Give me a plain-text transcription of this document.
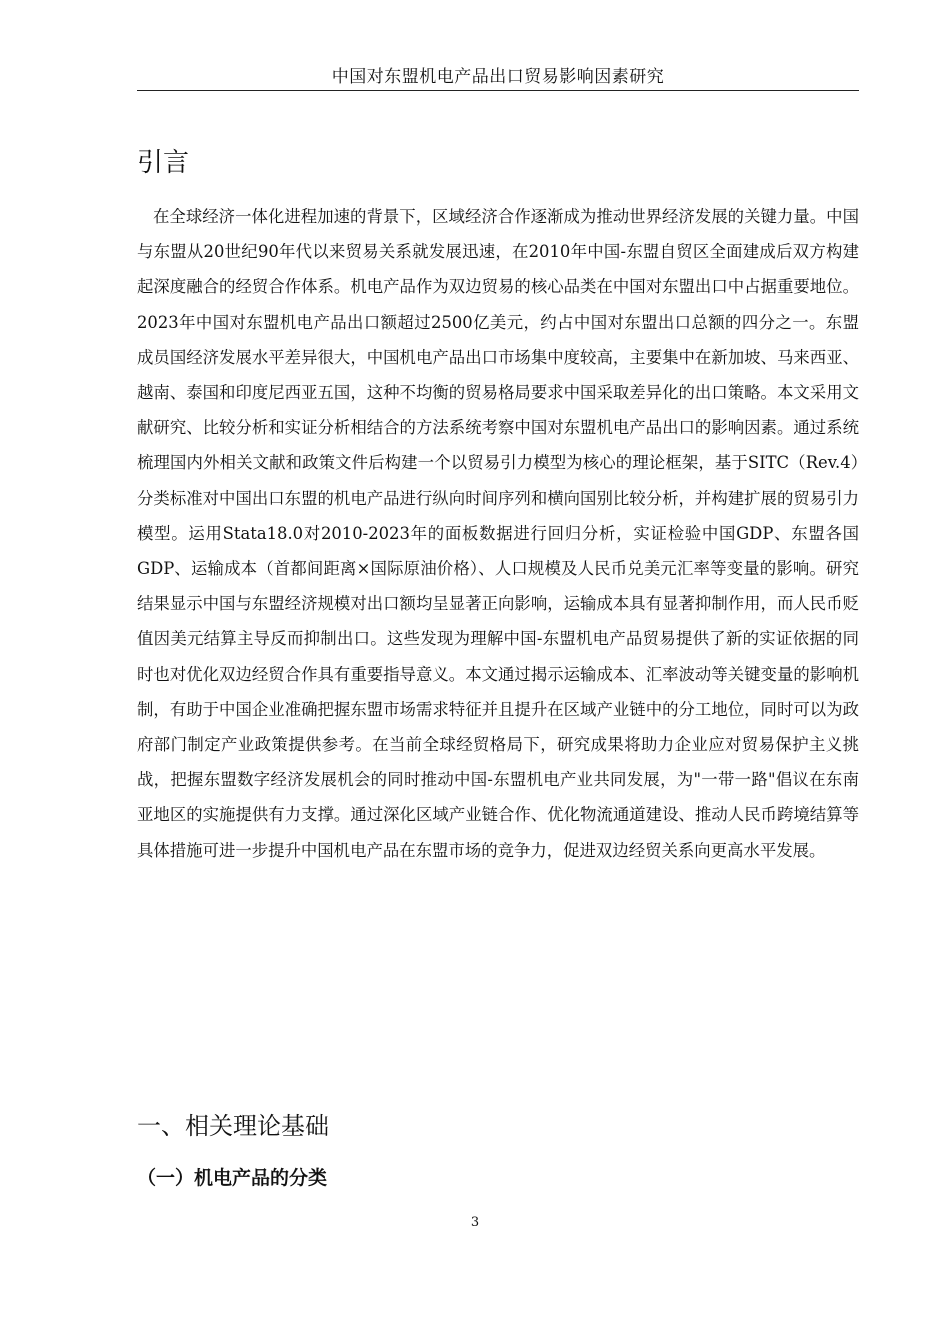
中国对东盟机电产品出口贸易影响因素研究
引言

在全球经济一体化进程加速的背景下，区域经济合作逐渐成为推动世界经济发展的关键力量。中国与东盟从20世纪90年代以来贸易关系就发展迅速，在2010年中国-东盟自贸区全面建成后双方构建起深度融合的经贸合作体系。机电产品作为双边贸易的核心品类在中国对东盟出口中占据重要地位。2023年中国对东盟机电产品出口额超过2500亿美元，约占中国对东盟出口总额的四分之一。东盟成员国经济发展水平差异很大，中国机电产品出口市场集中度较高，主要集中在新加坡、马来西亚、越南、泰国和印度尼西亚五国，这种不均衡的贸易格局要求中国采取差异化的出口策略。本文采用文献研究、比较分析和实证分析相结合的方法系统考察中国对东盟机电产品出口的影响因素。通过系统梳理国内外相关文献和政策文件后构建一个以贸易引力模型为核心的理论框架，基于SITC（Rev.4）分类标准对中国出口东盟的机电产品进行纵向时间序列和横向国别比较分析，并构建扩展的贸易引力模型。运用Stata18.0对2010-2023年的面板数据进行回归分析，实证检验中国GDP、东盟各国GDP、运输成本（首都间距离×国际原油价格）、人口规模及人民币兑美元汇率等变量的影响。研究结果显示中国与东盟经济规模对出口额均呈显著正向影响，运输成本具有显著抑制作用，而人民币贬值因美元结算主导反而抑制出口。这些发现为理解中国-东盟机电产品贸易提供了新的实证依据的同时也对优化双边经贸合作具有重要指导意义。本文通过揭示运输成本、汇率波动等关键变量的影响机制，有助于中国企业准确把握东盟市场需求特征并且提升在区域产业链中的分工地位，同时可以为政府部门制定产业政策提供参考。在当前全球经贸格局下，研究成果将助力企业应对贸易保护主义挑战，把握东盟数字经济发展机会的同时推动中国-东盟机电产业共同发展，为"一带一路"倡议在东南亚地区的实施提供有力支撑。通过深化区域产业链合作、优化物流通道建设、推动人民币跨境结算等具体措施可进一步提升中国机电产品在东盟市场的竞争力，促进双边经贸关系向更高水平发展。

一、相关理论基础
（一）机电产品的分类
3
